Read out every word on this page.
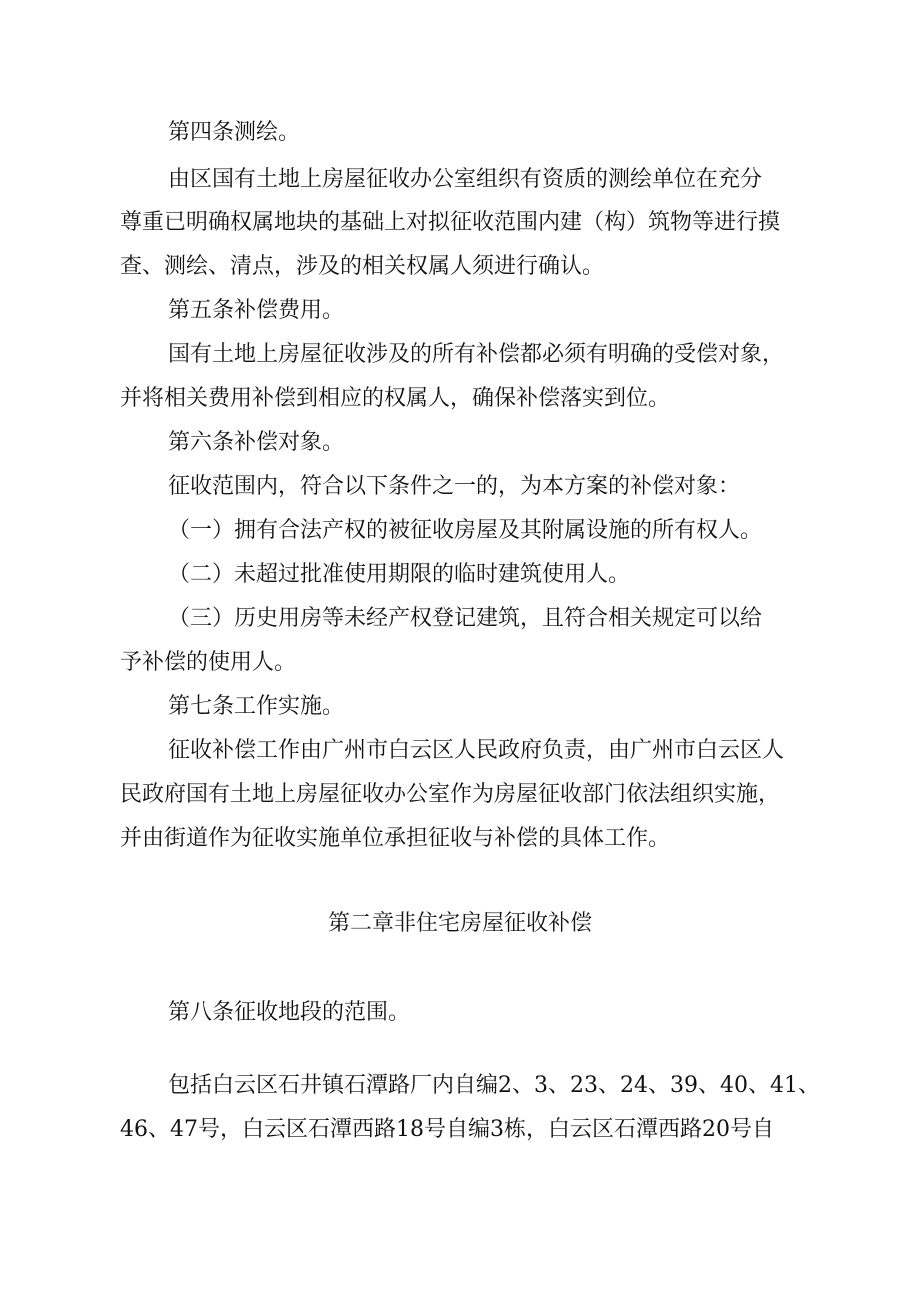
第四条测绘。
由区国有土地上房屋征收办公室组织有资质的测绘单位在充分
尊重已明确权属地块的基础上对拟征收范围内建（构）筑物等进行摸
查、测绘、清点，涉及的相关权属人须进行确认。
第五条补偿费用。
国有土地上房屋征收涉及的所有补偿都必须有明确的受偿对象，
并将相关费用补偿到相应的权属人，确保补偿落实到位。
第六条补偿对象。
征收范围内，符合以下条件之一的，为本方案的补偿对象：
（一）拥有合法产权的被征收房屋及其附属设施的所有权人。
（二）未超过批准使用期限的临时建筑使用人。
（三）历史用房等未经产权登记建筑，且符合相关规定可以给
予补偿的使用人。
第七条工作实施。
征收补偿工作由广州市白云区人民政府负责，由广州市白云区人
民政府国有土地上房屋征收办公室作为房屋征收部门依法组织实施，
并由街道作为征收实施单位承担征收与补偿的具体工作。
第二章非住宅房屋征收补偿
第八条征收地段的范围。
包括白云区石井镇石潭路厂内自编2、3、23、24、39、40、41、
46、47号，白云区石潭西路18号自编3栋，白云区石潭西路20号自
